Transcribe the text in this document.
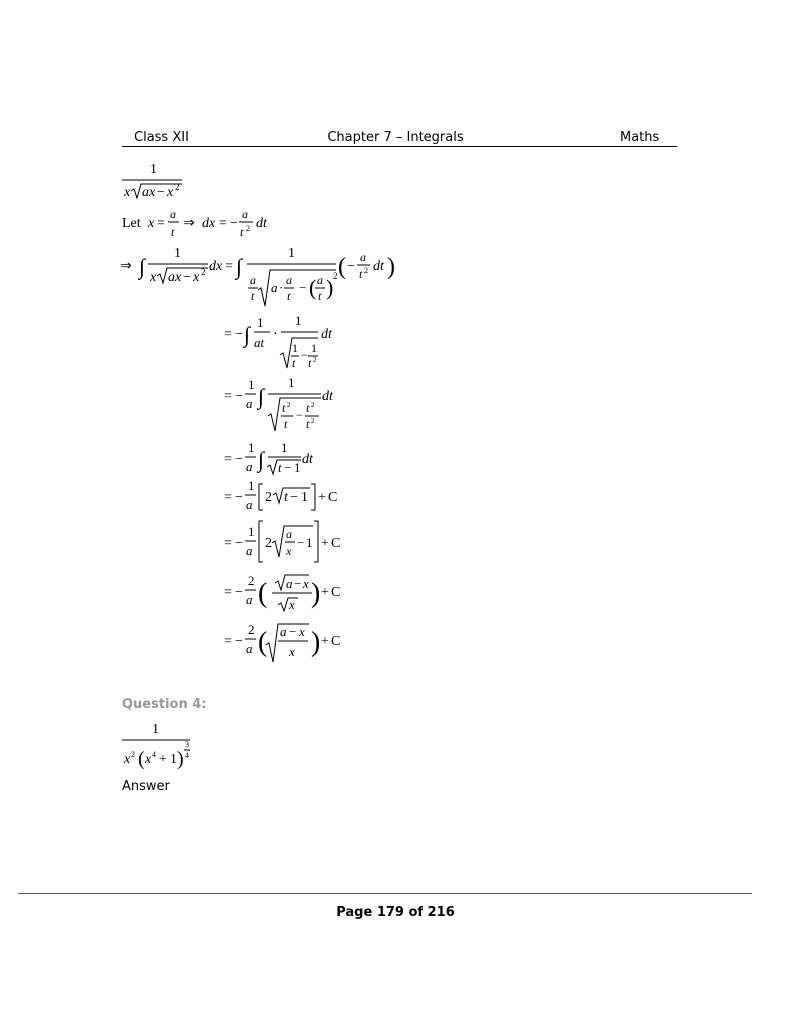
Class XII	Chapter 7 – Integrals	Maths
1
x ax − x 2
Let x =
a
t
⇒ dx = −
a
t 2 dt
⇒ ∫
1
x ax − x 2 dx = ∫
1
a
t
a · a
t
− ( a
t ) 2 ( −
a
t 2 dt )
= − ∫ 1
at
·
1
1
t
− 1
t 2
dt
= −
1
a ∫
1
t 2
t
− t 2
t 2
dt
= −
1
a ∫ 1
t − 1
dt
= −
1
a 2 t − 1 + C
= −
1
a 2
a
x
− 1 + C
= −
2
a ( a − x
x ) + C
= −
2
a ( a − x
x ) + C
1
x 2 ( x 4 + 1 )
3
4
Question 4:
Answer
Page 179 of 216
